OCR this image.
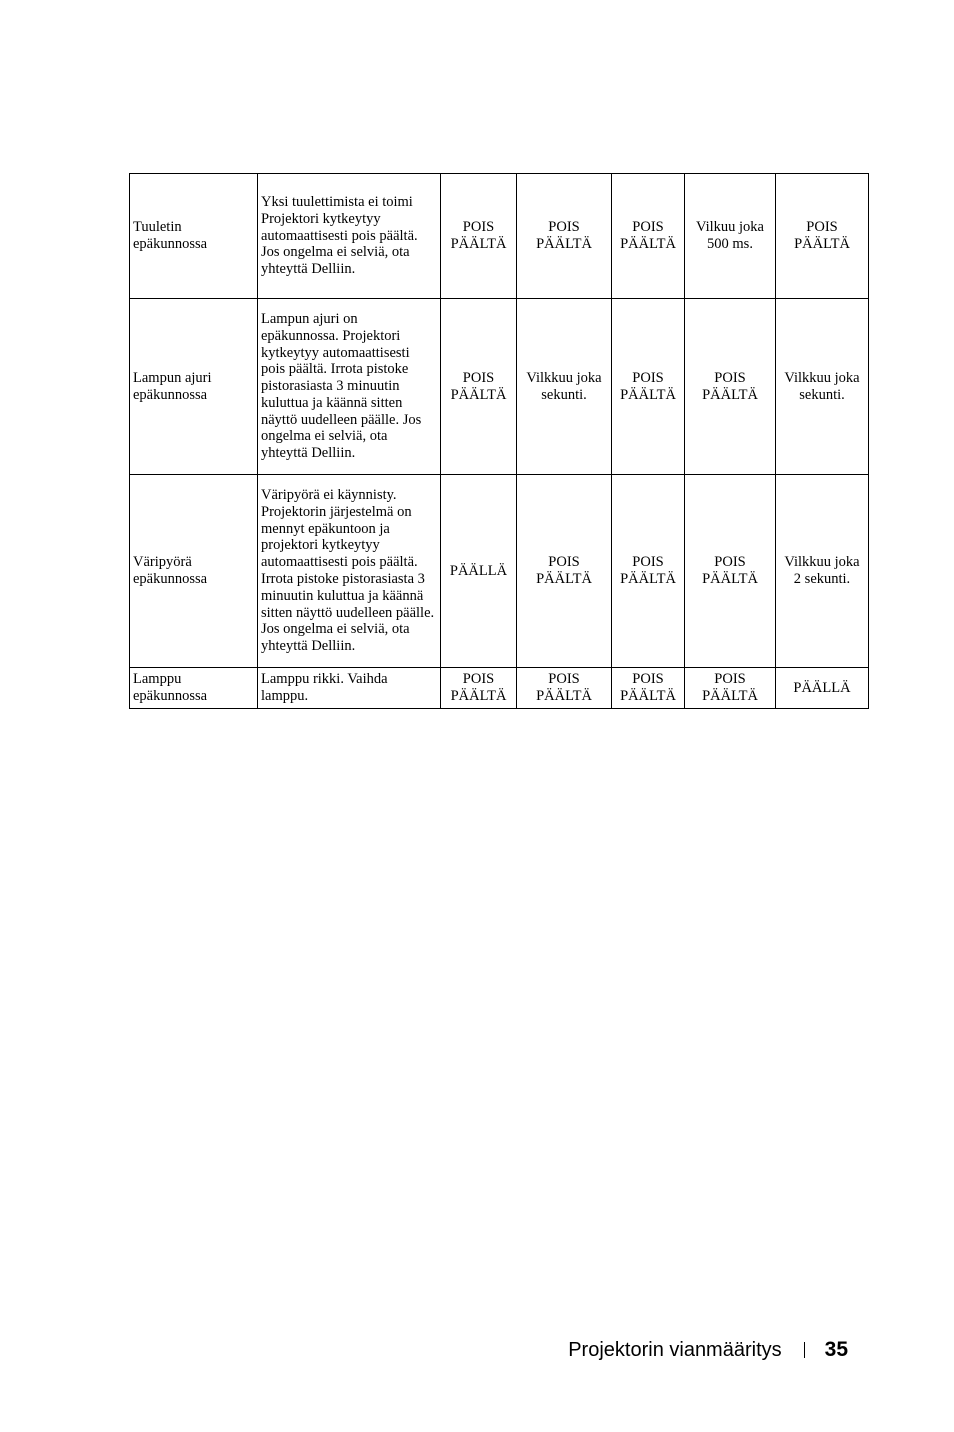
Tuuletin epäkunnossa	Yksi tuulettimista ei toimi Projektori kytkeytyy automaattisesti pois päältä. Jos ongelma ei selviä, ota yhteyttä Delliin.	POIS PÄÄLTÄ	POIS PÄÄLTÄ	POIS PÄÄLTÄ	Vilkuu joka 500 ms.	POIS PÄÄLTÄ

Lampun ajuri epäkunnossa	Lampun ajuri on epäkunnossa. Projektori kytkeytyy automaattisesti pois päältä. Irrota pistoke pistorasiasta 3 minuutin kuluttua ja käännä sitten näyttö uudelleen päälle. Jos ongelma ei selviä, ota yhteyttä Delliin.	POIS PÄÄLTÄ	Vilkkuu joka sekunti.	POIS PÄÄLTÄ	POIS PÄÄLTÄ	Vilkkuu joka sekunti.

Väripyörä epäkunnossa	Väripyörä ei käynnisty. Projektorin järjestelmä on mennyt epäkuntoon ja projektori kytkeytyy automaattisesti pois päältä. Irrota pistoke pistorasiasta 3 minuutin kuluttua ja käännä sitten näyttö uudelleen päälle. Jos ongelma ei selviä, ota yhteyttä Delliin.	PÄÄLLÄ	POIS PÄÄLTÄ	POIS PÄÄLTÄ	POIS PÄÄLTÄ	Vilkkuu joka 2 sekunti.

Lamppu epäkunnossa	Lamppu rikki. Vaihda lamppu.	POIS PÄÄLTÄ	POIS PÄÄLTÄ	POIS PÄÄLTÄ	POIS PÄÄLTÄ	PÄÄLLÄ
Projektorin vianmääritys 35
